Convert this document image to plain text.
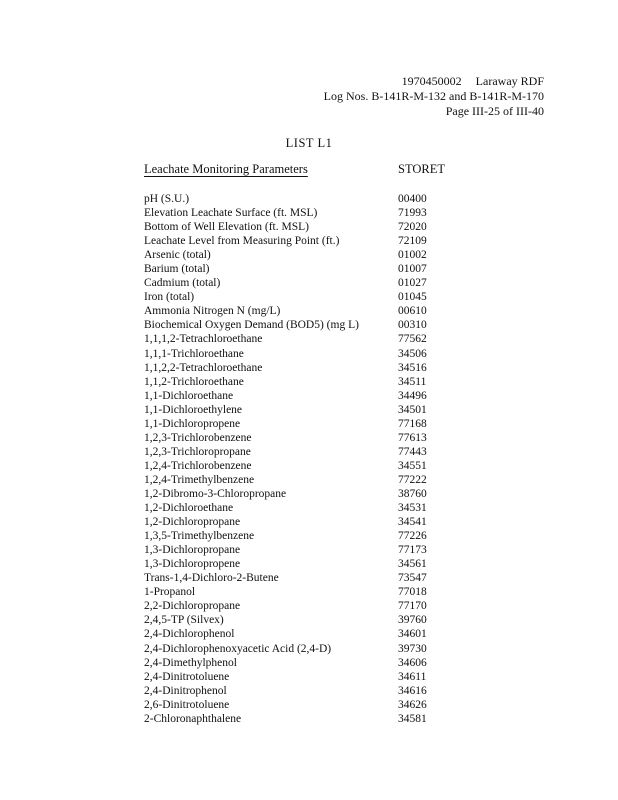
1970450002 Laraway RDF
Log Nos. B-141R-M-132 and B-141R-M-170
Page III-25 of III-40
LIST L1
Leachate Monitoring Parameters	STORET
pH (S.U.)	00400
Elevation Leachate Surface (ft. MSL)	71993
Bottom of Well Elevation (ft. MSL)	72020
Leachate Level from Measuring Point (ft.)	72109
Arsenic (total)	01002
Barium (total)	01007
Cadmium (total)	01027
Iron (total)	01045
Ammonia Nitrogen N (mg/L)	00610
Biochemical Oxygen Demand (BOD5) (mg L)	00310
1,1,1,2-Tetrachloroethane	77562
1,1,1-Trichloroethane	34506
1,1,2,2-Tetrachloroethane	34516
1,1,2-Trichloroethane	34511
1,1-Dichloroethane	34496
1,1-Dichloroethylene	34501
1,1-Dichloropropene	77168
1,2,3-Trichlorobenzene	77613
1,2,3-Trichloropropane	77443
1,2,4-Trichlorobenzene	34551
1,2,4-Trimethylbenzene	77222
1,2-Dibromo-3-Chloropropane	38760
1,2-Dichloroethane	34531
1,2-Dichloropropane	34541
1,3,5-Trimethylbenzene	77226
1,3-Dichloropropane	77173
1,3-Dichloropropene	34561
Trans-1,4-Dichloro-2-Butene	73547
1-Propanol	77018
2,2-Dichloropropane	77170
2,4,5-TP (Silvex)	39760
2,4-Dichlorophenol	34601
2,4-Dichlorophenoxyacetic Acid (2,4-D)	39730
2,4-Dimethylphenol	34606
2,4-Dinitrotoluene	34611
2,4-Dinitrophenol	34616
2,6-Dinitrotoluene	34626
2-Chloronaphthalene	34581
